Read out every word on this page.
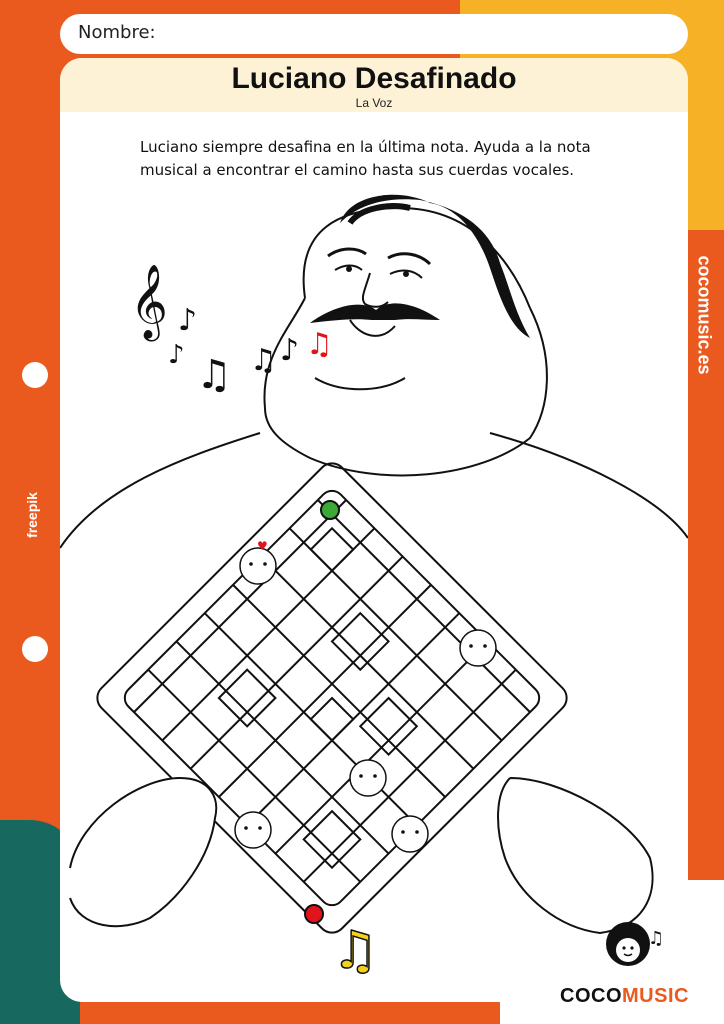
Nombre:
Luciano Desafinado
La Voz
Luciano siempre desafina en la última nota. Ayuda a la nota
musical a encontrar el camino hasta sus cuerdas vocales.
𝄞 ♪
♪ ♫ ♫ ♪ ♫
♥
♫
cocomusic.es
freepik
♫
COCOMUSIC
